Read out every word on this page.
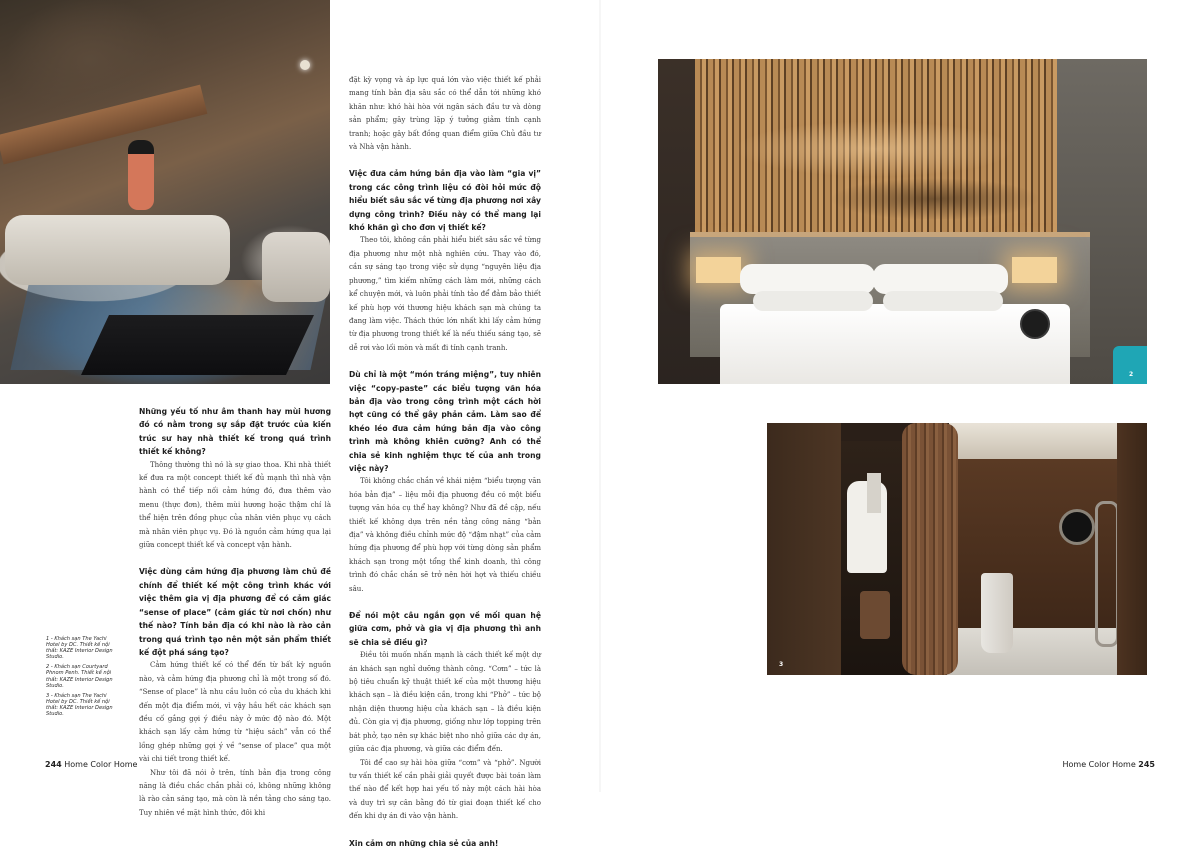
2
3

Những yếu tố như âm thanh hay mùi hương đó có nằm trong sự sắp đặt trước của kiến trúc sư hay nhà thiết kế trong quá trình thiết kế không?

Thông thường thì nó là sự giao thoa. Khi nhà thiết kế đưa ra một concept thiết kế đủ mạnh thì nhà vận hành có thể tiếp nối cảm hứng đó, đưa thêm vào menu (thực đơn), thêm mùi hương hoặc thậm chí là thể hiện trên đồng phục của nhân viên phục vụ cách mà nhân viên phục vụ. Đó là nguồn cảm hứng qua lại giữa concept thiết kế và concept vận hành.

Việc dùng cảm hứng địa phương làm chủ đề chính để thiết kế một công trình khác với việc thêm gia vị địa phương để có cảm giác “sense of place” (cảm giác từ nơi chốn) như thế nào? Tính bản địa có khi nào là rào cản trong quá trình tạo nên một sản phẩm thiết kế đột phá sáng tạo?

Cảm hứng thiết kế có thể đến từ bất kỳ nguồn nào, và cảm hứng địa phương chỉ là một trong số đó. “Sense of place” là nhu cầu luôn có của du khách khi đến một địa điểm mới, vì vậy hầu hết các khách sạn đều cố gắng gợi ý điều này ở mức độ nào đó. Một khách sạn lấy cảm hứng từ “hiệu sách” vẫn có thể lồng ghép những gợi ý về “sense of place” qua một vài chi tiết trong thiết kế.

Như tôi đã nói ở trên, tính bản địa trong công năng là điều chắc chắn phải có, không những không là rào cản sáng tạo, mà còn là nền tảng cho sáng tạo. Tuy nhiên về mặt hình thức, đôi khi

1 - Khách sạn The Yachi Hotel by DC. Thiết kế nội thất: KAZE Interior Design Studio.
2 - Khách sạn Courtyard Phnom Penh. Thiết kế nội thất: KAZE Interior Design Studio.
3 - Khách sạn The Yachi Hotel by DC. Thiết kế nội thất: KAZE Interior Design Studio.

đặt kỳ vọng và áp lực quá lớn vào việc thiết kế phải mang tính bản địa sâu sắc có thể dẫn tới những khó khăn như: khó hài hòa với ngân sách đầu tư và dòng sản phẩm; gây trùng lặp ý tưởng giảm tính cạnh tranh; hoặc gây bất đồng quan điểm giữa Chủ đầu tư và Nhà vận hành.

Việc đưa cảm hứng bản địa vào làm “gia vị” trong các công trình liệu có đòi hỏi mức độ hiểu biết sâu sắc về từng địa phương nơi xây dựng công trình? Điều này có thể mang lại khó khăn gì cho đơn vị thiết kế?

Theo tôi, không cần phải hiểu biết sâu sắc về từng địa phương như một nhà nghiên cứu. Thay vào đó, cần sự sáng tạo trong việc sử dụng “nguyên liệu địa phương,” tìm kiếm những cách làm mới, những cách kể chuyện mới, và luôn phải tính tảo để đảm bảo thiết kế phù hợp với thương hiệu khách sạn mà chúng ta đang làm việc. Thách thức lớn nhất khi lấy cảm hứng từ địa phương trong thiết kế là nếu thiếu sáng tạo, sẽ dễ rơi vào lối mòn và mất đi tính cạnh tranh.

Dù chỉ là một “món tráng miệng”, tuy nhiên việc “copy-paste” các biểu tượng văn hóa bản địa vào trong công trình một cách hời hợt cũng có thể gây phản cảm. Làm sao để khéo léo đưa cảm hứng bản địa vào công trình mà không khiên cưỡng? Anh có thể chia sẻ kinh nghiệm thực tế của anh trong việc này?

Tôi không chắc chắn về khái niệm “biểu tượng văn hóa bản địa” – liệu mỗi địa phương đều có một biểu tượng văn hóa cụ thể hay không? Như đã đề cập, nếu thiết kế không dựa trên nền tảng công năng “bản địa” và không điều chỉnh mức độ “đậm nhạt” của cảm hứng địa phương để phù hợp với từng dòng sản phẩm khách sạn trong một tổng thể kinh doanh, thì công trình đó chắc chắn sẽ trở nên hời hợt và thiếu chiều sâu.

Để nói một câu ngắn gọn về mối quan hệ giữa cơm, phở và gia vị địa phương thì anh sẽ chia sẻ điều gì?

Điều tôi muốn nhấn mạnh là cách thiết kế một dự án khách sạn nghỉ dưỡng thành công. “Cơm” – tức là bộ tiêu chuẩn kỹ thuật thiết kế của một thương hiệu khách sạn – là điều kiện cần, trong khi “Phở” – tức bộ nhận diện thương hiệu của khách sạn – là điều kiện đủ. Còn gia vị địa phương, giống như lớp topping trên bát phở, tạo nên sự khác biệt nho nhỏ giữa các dự án, giữa các địa phương, và giữa các điểm đến.

Tôi để cao sự hài hòa giữa “cơm” và “phở”. Người tư vấn thiết kế cần phải giải quyết được bài toán làm thế nào để kết hợp hai yếu tố này một cách hài hòa và duy trì sự cân bằng đó từ giai đoạn thiết kế cho đến khi dự án đi vào vận hành.

Xin cảm ơn những chia sẻ của anh!

244 Home Color Home	Home Color Home 245
